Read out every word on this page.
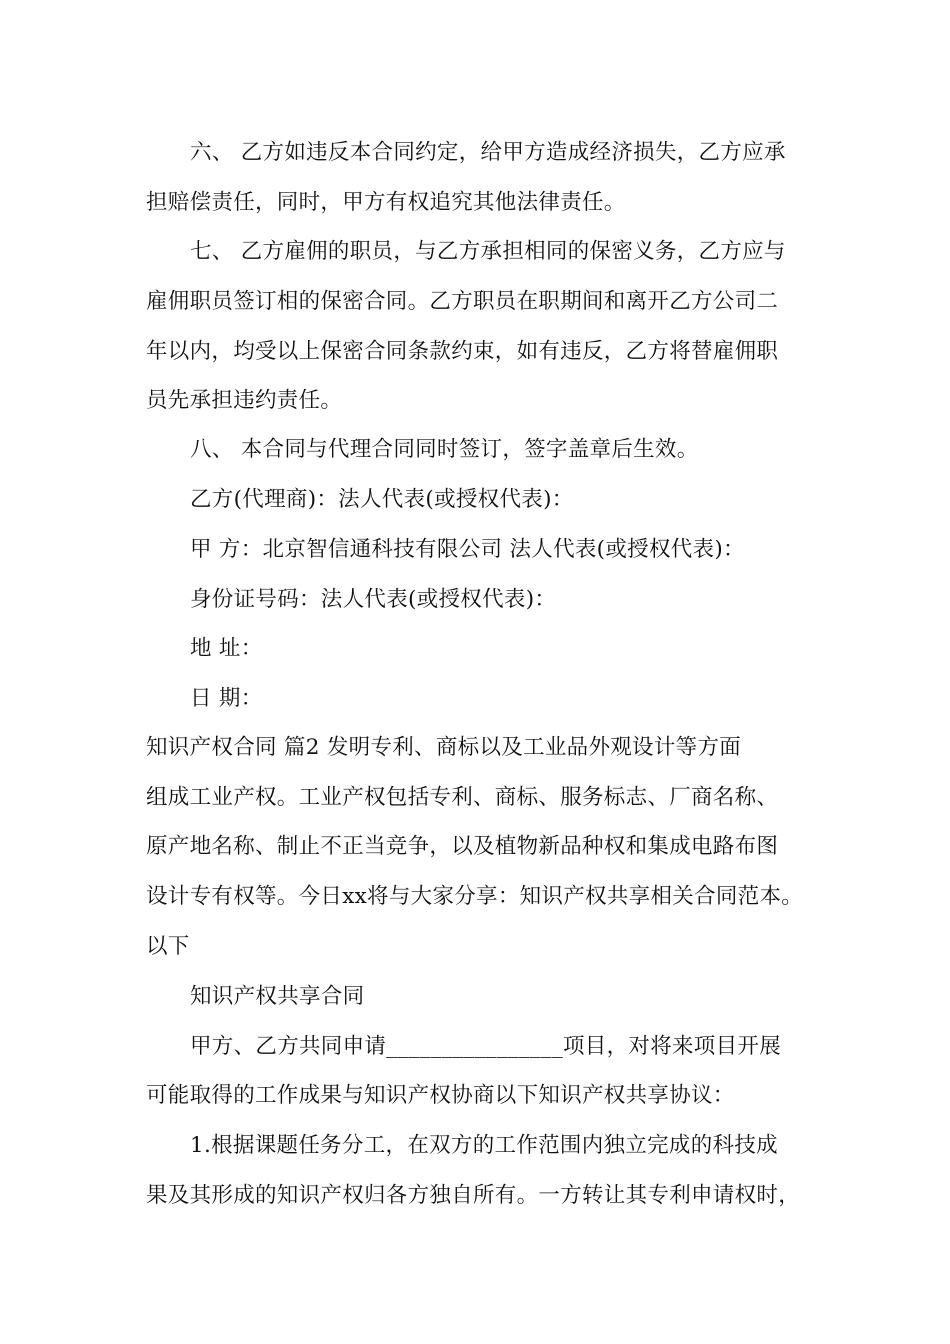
六、 乙方如违反本合同约定，给甲方造成经济损失，乙方应承
担赔偿责任，同时，甲方有权追究其他法律责任。
七、 乙方雇佣的职员，与乙方承担相同的保密义务，乙方应与
雇佣职员签订相的保密合同。乙方职员在职期间和离开乙方公司二
年以内，均受以上保密合同条款约束，如有违反，乙方将替雇佣职
员先承担违约责任。
八、 本合同与代理合同同时签订，签字盖章后生效。
乙方(代理商)：法人代表(或授权代表)：
甲 方：北京智信通科技有限公司 法人代表(或授权代表)：
身份证号码：法人代表(或授权代表)：
地 址：
日 期：
知识产权合同 篇2 发明专利、商标以及工业品外观设计等方面
组成工业产权。工业产权包括专利、商标、服务标志、厂商名称、
原产地名称、制止不正当竞争，以及植物新品种权和集成电路布图
设计专有权等。今日xx将与大家分享：知识产权共享相关合同范本。
以下
知识产权共享合同
甲方、乙方共同申请________________项目，对将来项目开展
可能取得的工作成果与知识产权协商以下知识产权共享协议：
1.根据课题任务分工，在双方的工作范围内独立完成的科技成
果及其形成的知识产权归各方独自所有。一方转让其专利申请权时，
